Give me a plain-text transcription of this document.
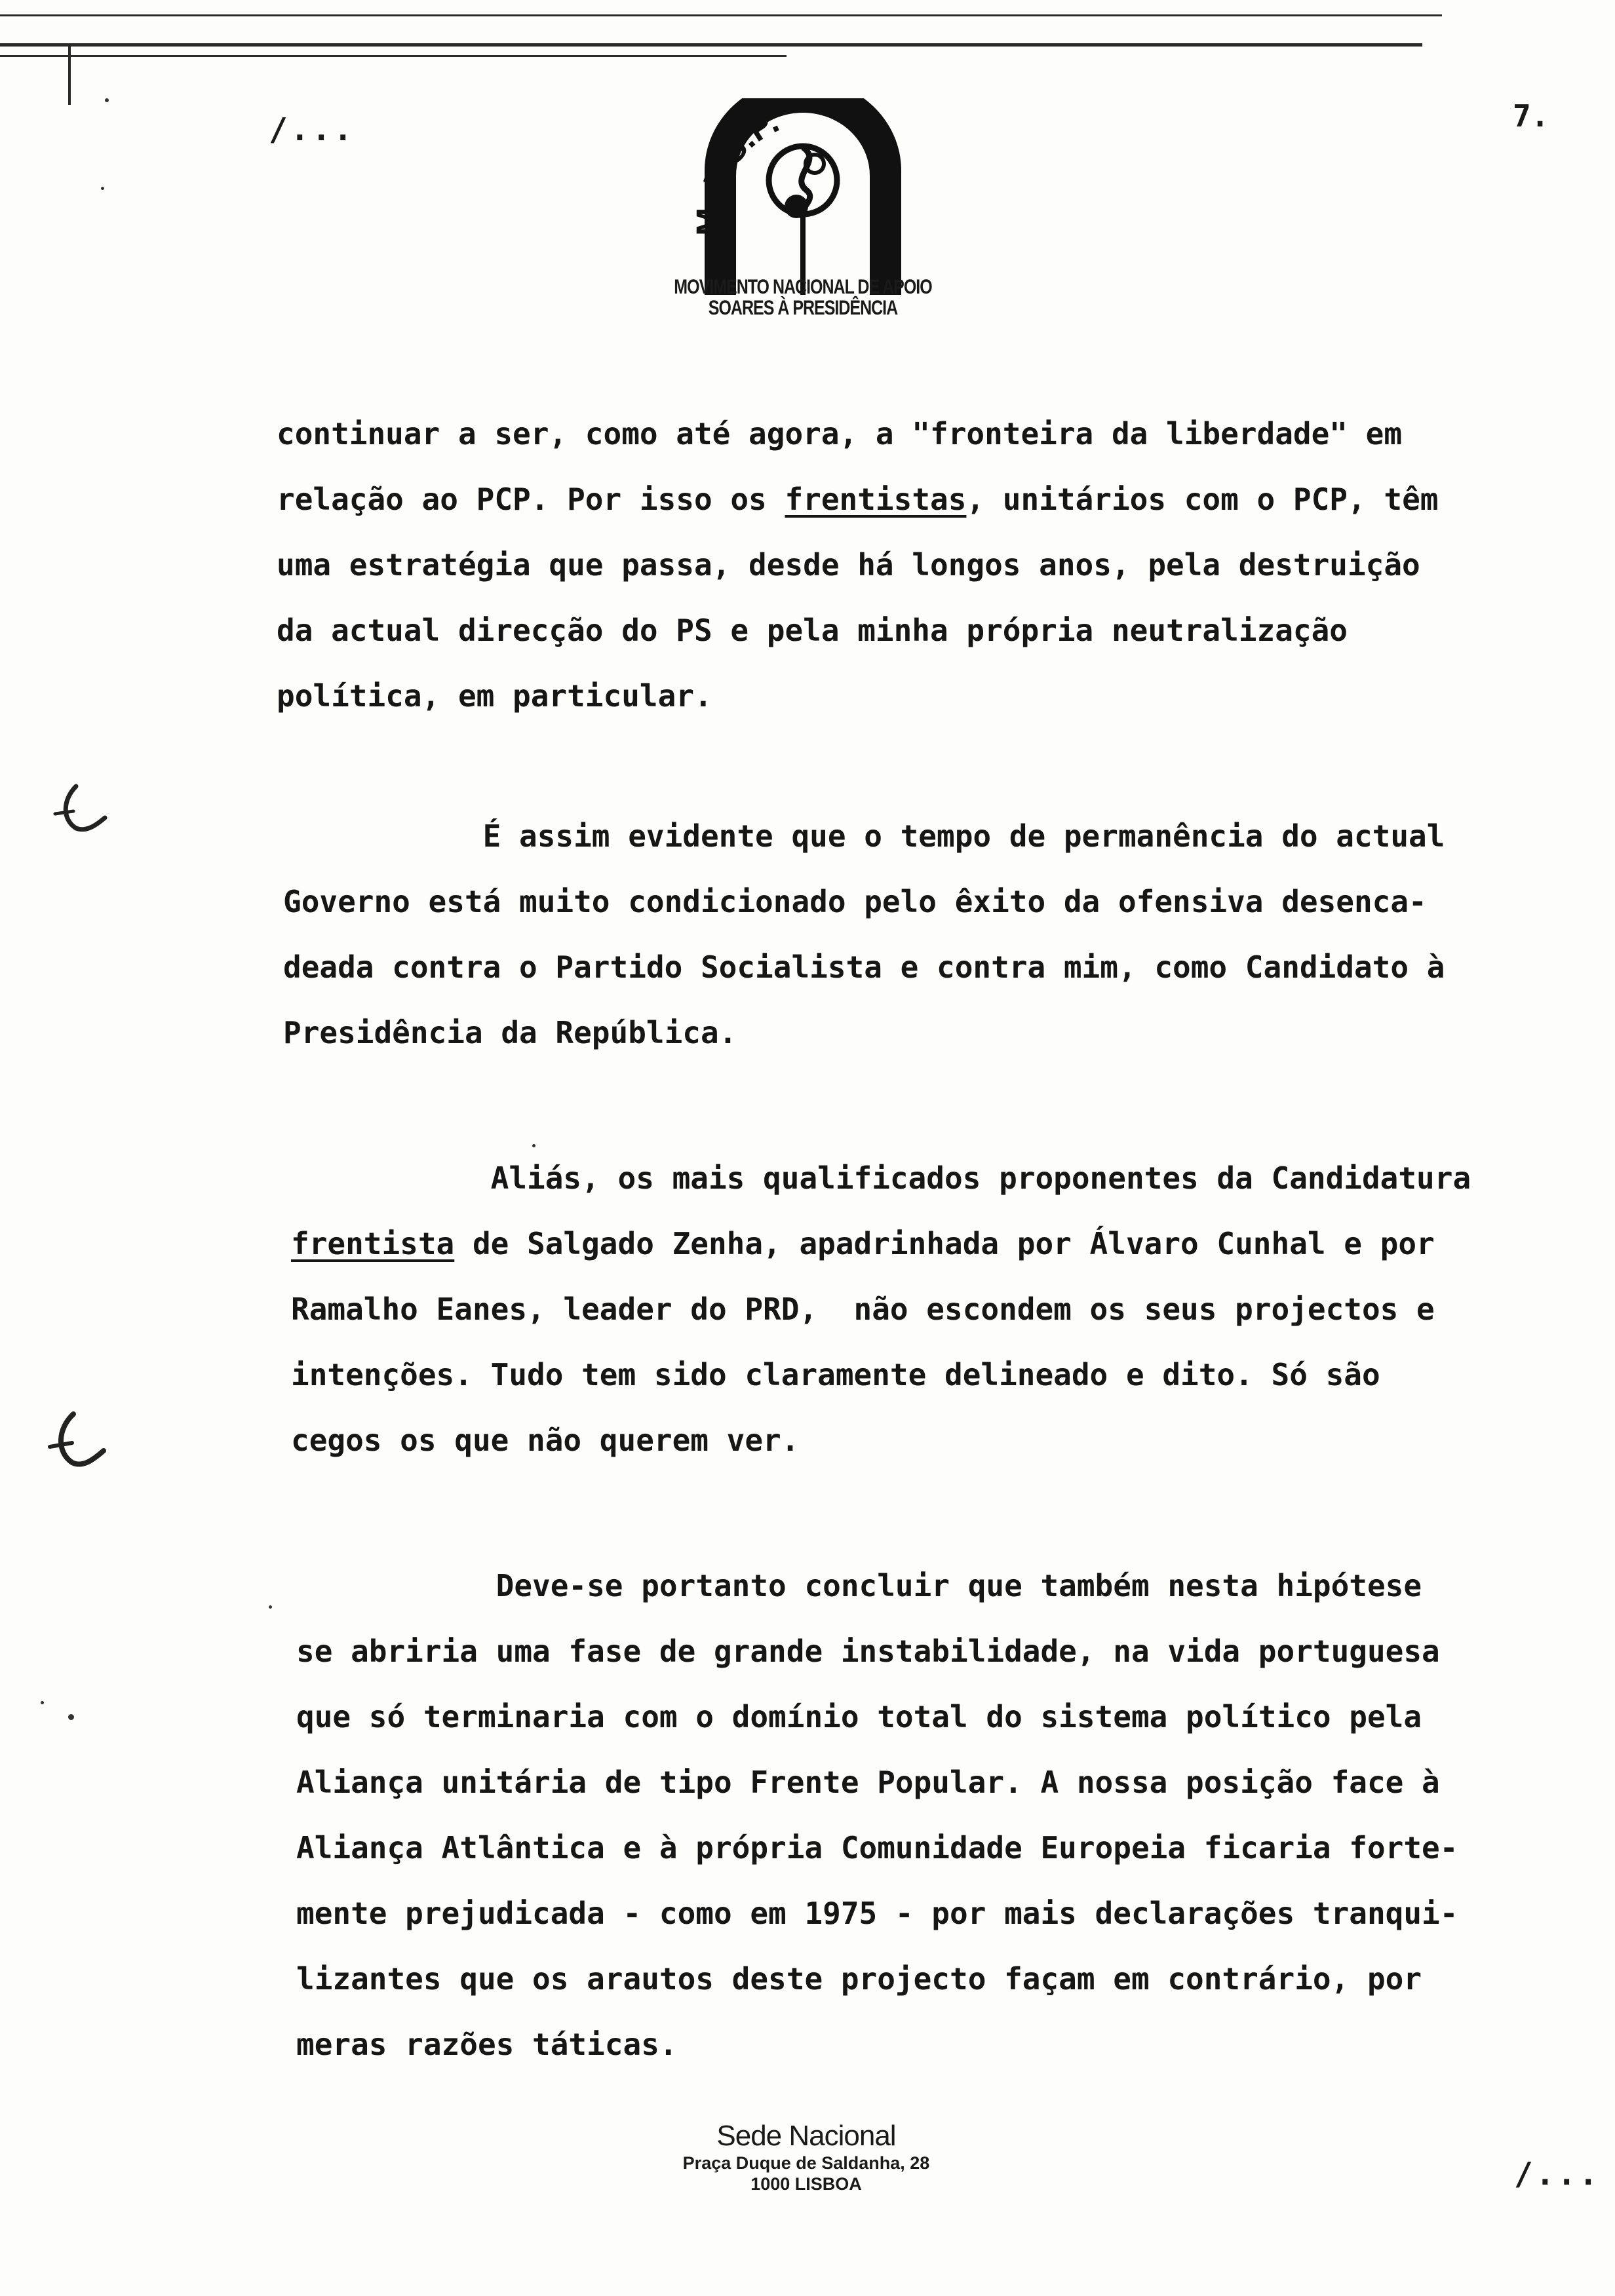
/...	7.
M.A.S.P.
MOVIMENTO NACIONAL DE APOIO
SOARES À PRESIDÊNCIA
continuar a ser, como até agora, a "fronteira da liberdade" em
relação ao PCP. Por isso os frentistas, unitários com o PCP, têm
uma estratégia que passa, desde há longos anos, pela destruição
da actual direcção do PS e pela minha própria neutralização
política, em particular.
É assim evidente que o tempo de permanência do actual
Governo está muito condicionado pelo êxito da ofensiva desenca-
deada contra o Partido Socialista e contra mim, como Candidato à
Presidência da República.
Aliás, os mais qualificados proponentes da Candidatura
frentista de Salgado Zenha, apadrinhada por Álvaro Cunhal e por
Ramalho Eanes, leader do PRD,  não escondem os seus projectos e
intenções. Tudo tem sido claramente delineado e dito. Só são
cegos os que não querem ver.
Deve-se portanto concluir que também nesta hipótese
se abriria uma fase de grande instabilidade, na vida portuguesa
que só terminaria com o domínio total do sistema político pela
Aliança unitária de tipo Frente Popular. A nossa posição face à
Aliança Atlântica e à própria Comunidade Europeia ficaria forte-
mente prejudicada - como em 1975 - por mais declarações tranqui-
lizantes que os arautos deste projecto façam em contrário, por
meras razões táticas.
Sede Nacional
Praça Duque de Saldanha, 28
1000 LISBOA	/...
